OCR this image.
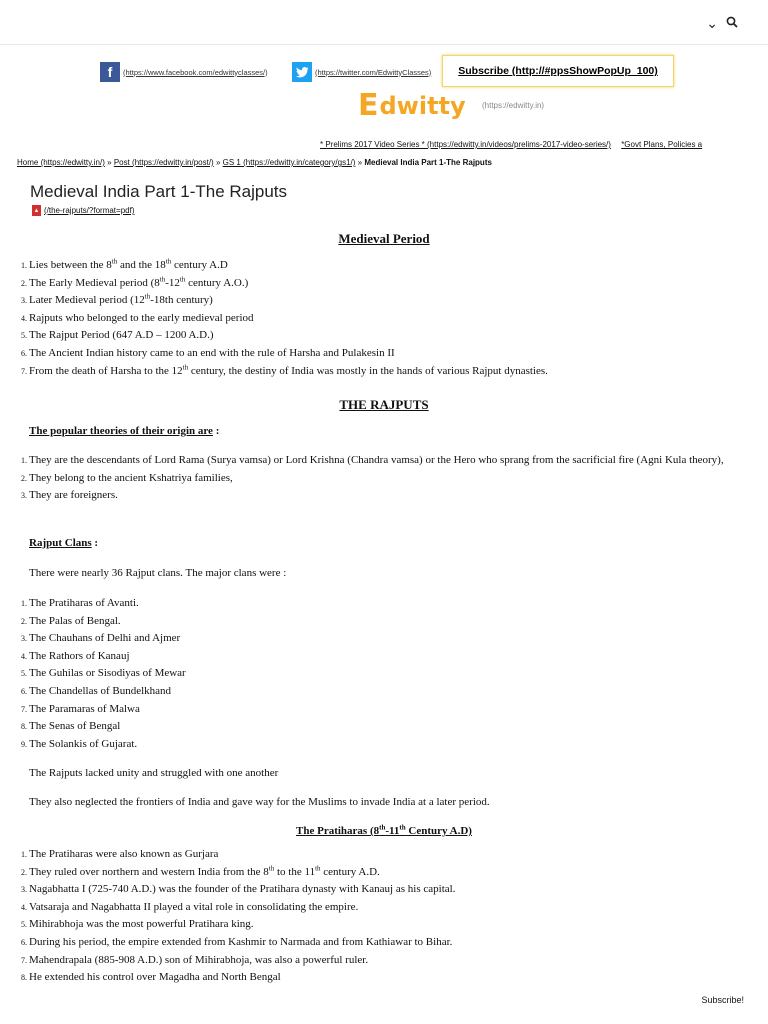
⌄
f	(https://www.facebook.com/edwittyclasses/)	(https://twitter.com/EdwittyClasses)	Subscribe (http://#ppsShowPopUp_100)
E dwitty (https://edwitty.in)
* Prelims 2017 Video Series * (https://edwitty.in/videos/prelims-2017-video-series/) *Govt Plans, Policies a
Home (https://edwitty.in/) » Post (https://edwitty.in/post/) » GS 1 (https://edwitty.in/category/gs1/) » Medieval India Part 1-The Rajputs
Medieval India Part 1-The Rajputs
▲ (/the-rajputs/?format=pdf)
Medieval Period
1. Lies between the 8th and the 18th century A.D
2. The Early Medieval period (8th-12th century A.O.)
3. Later Medieval period (12th-18th century)
4. Rajputs who belonged to the early medieval period
5. The Rajput Period (647 A.D – 1200 A.D.)
6. The Ancient Indian history came to an end with the rule of Harsha and Pulakesin II
7. From the death of Harsha to the 12th century, the destiny of India was mostly in the hands of various Rajput dynasties.
THE RAJPUTS
The popular theories of their origin are :
1. They are the descendants of Lord Rama (Surya vamsa) or Lord Krishna (Chandra vamsa) or the Hero who sprang from the sacrificial fire (Agni Kula theory),
2. They belong to the ancient Kshatriya families,
3. They are foreigners.
Rajput Clans :
There were nearly 36 Rajput clans. The major clans were :
1. The Pratiharas of Avanti.
2. The Palas of Bengal.
3. The Chauhans of Delhi and Ajmer
4. The Rathors of Kanauj
5. The Guhilas or Sisodiyas of Mewar
6. The Chandellas of Bundelkhand
7. The Paramaras of Malwa
8. The Senas of Bengal
9. The Solankis of Gujarat.
The Rajputs lacked unity and struggled with one another
They also neglected the frontiers of India and gave way for the Muslims to invade India at a later period.
The Pratiharas (8th-11th Century A.D)
1. The Pratiharas were also known as Gurjara
2. They ruled over northern and western India from the 8th to the 11th century A.D.
3. Nagabhatta I (725-740 A.D.) was the founder of the Pratihara dynasty with Kanauj as his capital.
4. Vatsaraja and Nagabhatta II played a vital role in consolidating the empire.
5. Mihirabhoja was the most powerful Pratihara king.
6. During his period, the empire extended from Kashmir to Narmada and from Kathiawar to Bihar.
7. Mahendrapala (885-908 A.D.) son of Mihirabhoja, was also a powerful ruler.
8. He extended his control over Magadha and North Bengal
Subscribe!
